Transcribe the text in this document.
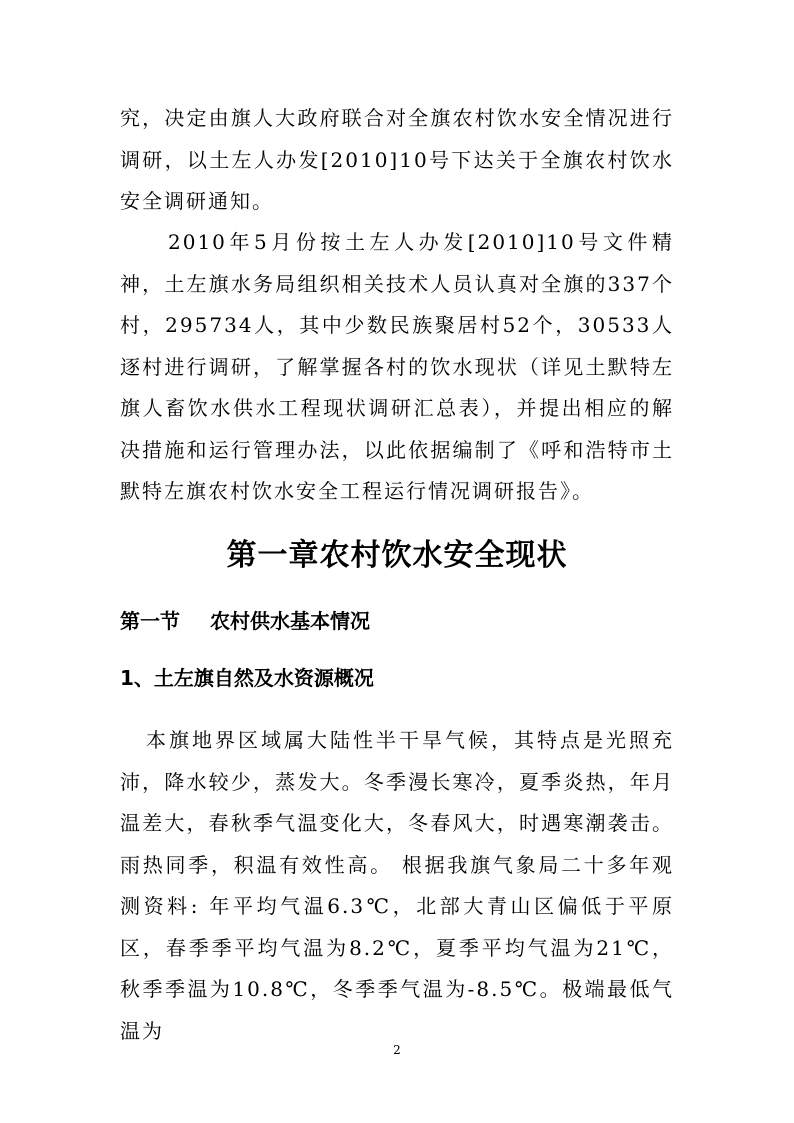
究，决定由旗人大政府联合对全旗农村饮水安全情况进行调研，以土左人办发[2010]10号下达关于全旗农村饮水安全调研通知。

2010年5月份按土左人办发[2010]10号文件精神，土左旗水务局组织相关技术人员认真对全旗的337个村，295734人，其中少数民族聚居村52个，30533人逐村进行调研，了解掌握各村的饮水现状（详见土默特左旗人畜饮水供水工程现状调研汇总表），并提出相应的解决措施和运行管理办法，以此依据编制了《呼和浩特市土默特左旗农村饮水安全工程运行情况调研报告》。

第一章农村饮水安全现状
第一节 农村供水基本情况
1、土左旗自然及水资源概况

本旗地界区域属大陆性半干旱气候，其特点是光照充沛，降水较少，蒸发大。冬季漫长寒冷，夏季炎热，年月温差大，春秋季气温变化大，冬春风大，时遇寒潮袭击。雨热同季，积温有效性高。 根据我旗气象局二十多年观测资料: 年平均气温6.3℃，北部大青山区偏低于平原区，春季季平均气温为8.2℃，夏季平均气温为21℃，秋季季温为10.8℃，冬季季气温为-8.5℃。极端最低气温为

2
